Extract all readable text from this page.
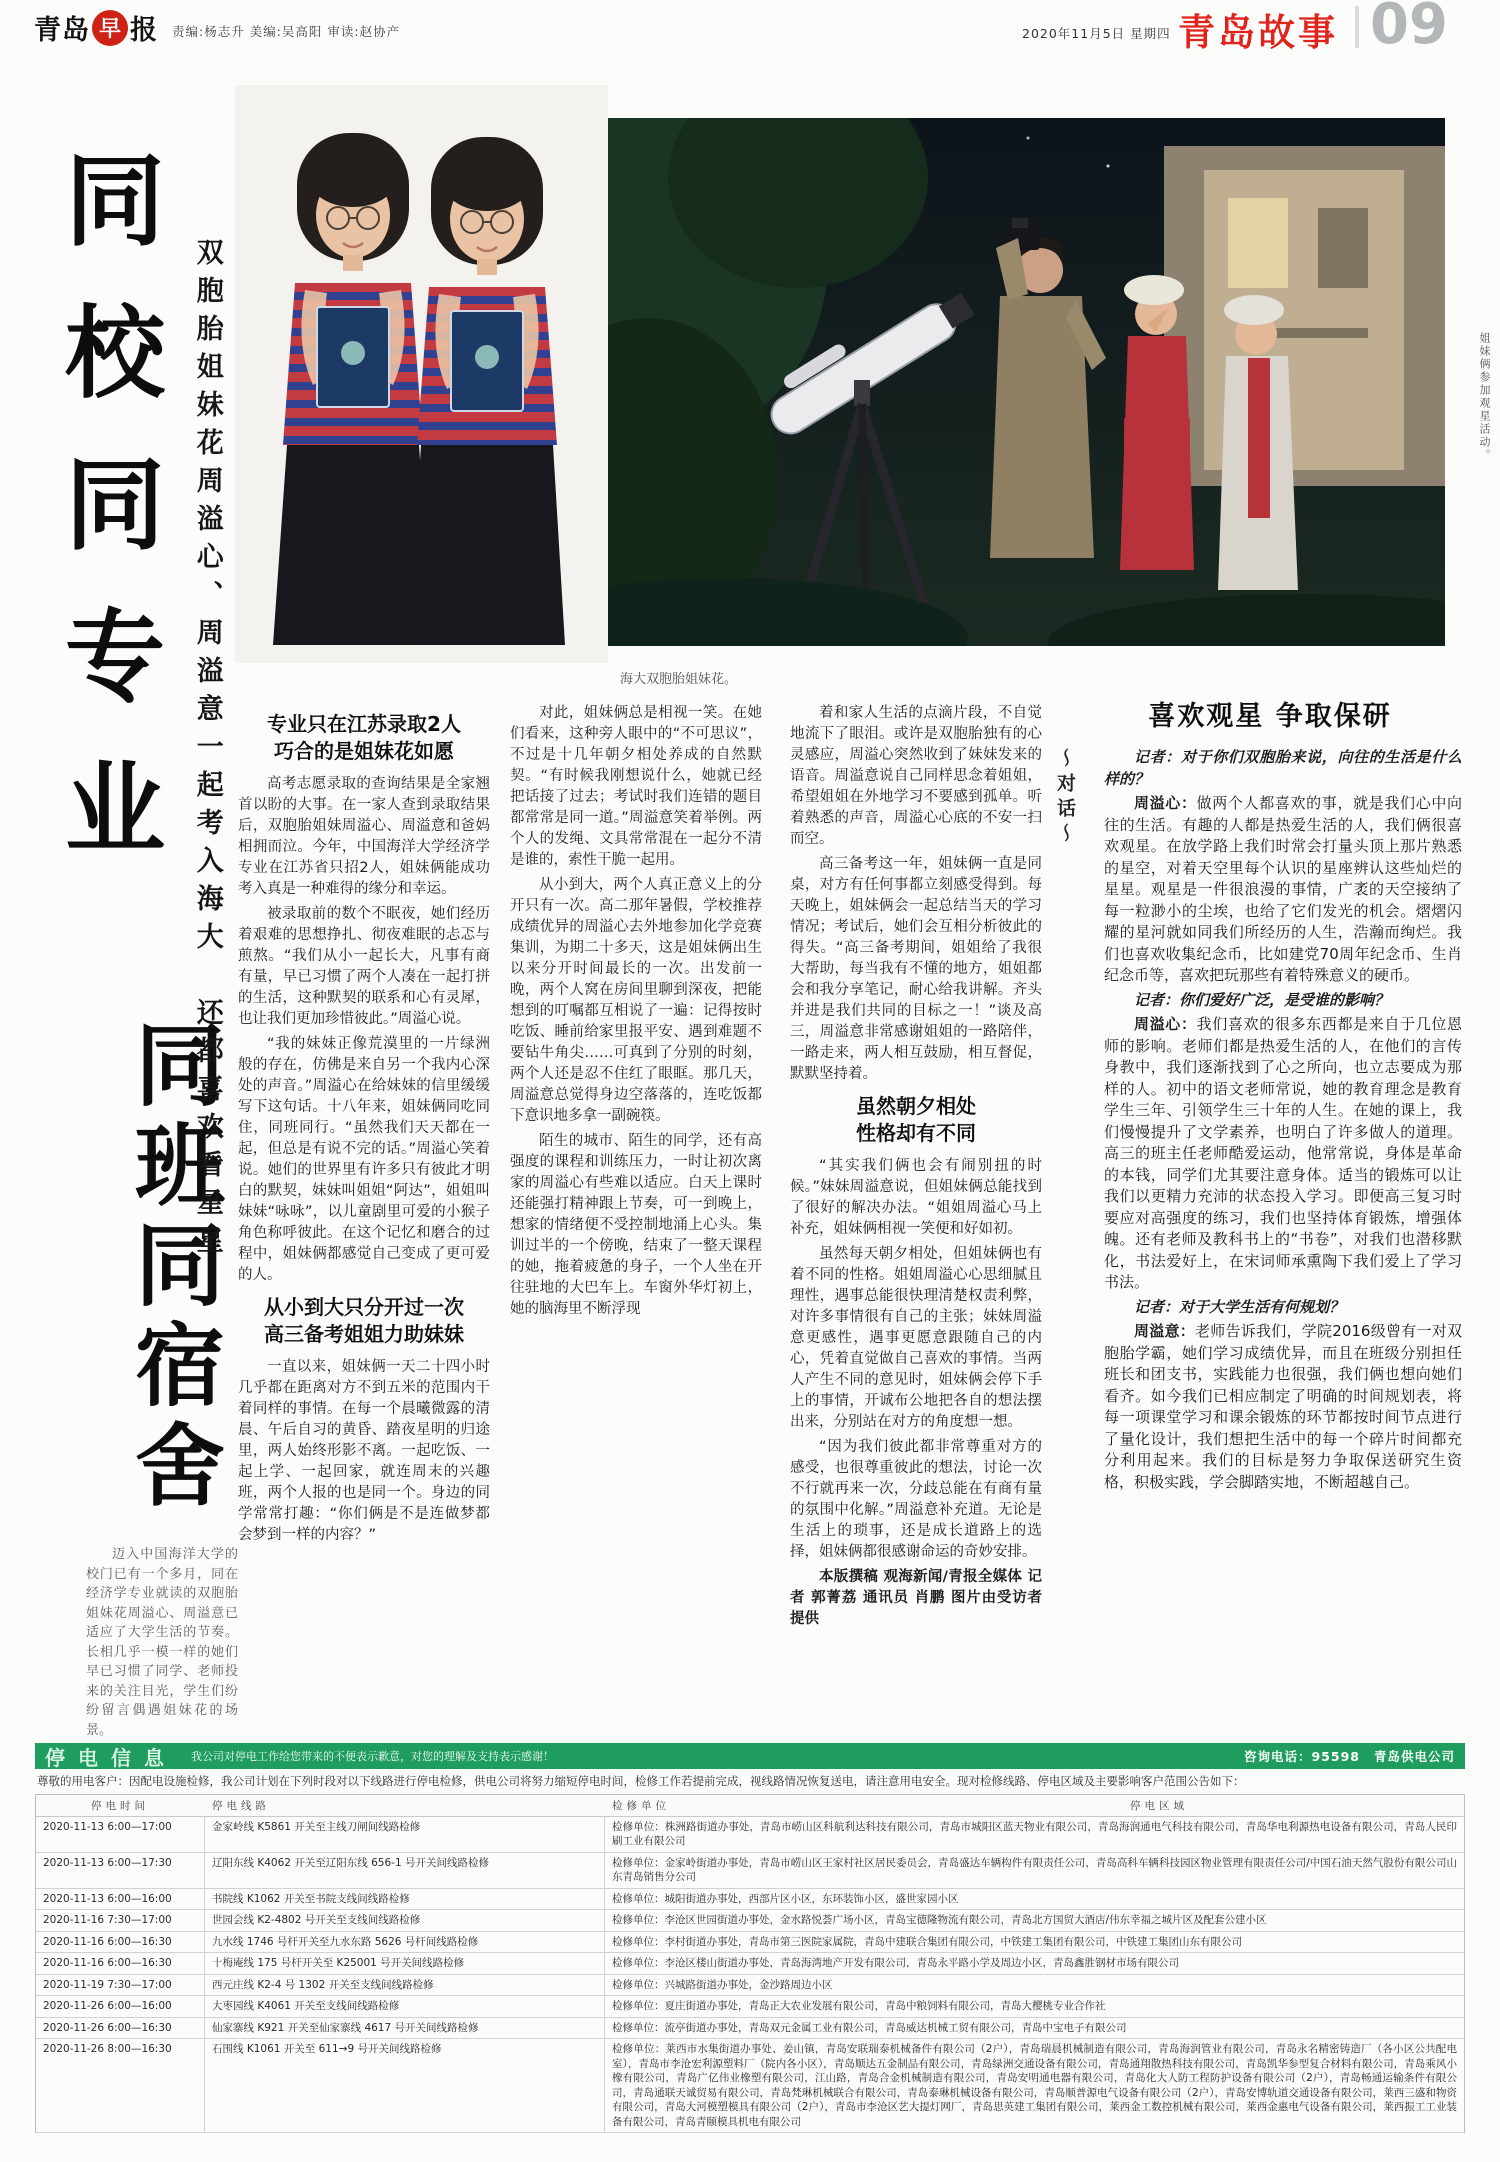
青岛 早 报 责编:杨志升 美编:吴高阳 审读:赵协产	2020年11月5日 星期四 青岛故事 09
同校同专业
同班同宿舍
双胞胎姐妹花周溢心、周溢意一起考入海大　还都喜欢看星星
迈入中国海洋大学的校门已有一个多月，同在经济学专业就读的双胞胎姐妹花周溢心、周溢意已适应了大学生活的节奏。长相几乎一模一样的她们早已习惯了同学、老师投来的关注目光，学生们纷纷留言偶遇姐妹花的场景。
海大双胞胎姐妹花。
姐妹俩参加观星活动。
专业只在江苏录取2人
巧合的是姐妹花如愿

高考志愿录取的查询结果是全家翘首以盼的大事。在一家人查到录取结果后，双胞胎姐妹周溢心、周溢意和爸妈相拥而泣。今年，中国海洋大学经济学专业在江苏省只招2人，姐妹俩能成功考入真是一种难得的缘分和幸运。

被录取前的数个不眠夜，她们经历着艰难的思想挣扎、彻夜难眠的忐忑与煎熬。“我们从小一起长大，凡事有商有量，早已习惯了两个人凑在一起打拼的生活，这种默契的联系和心有灵犀，也让我们更加珍惜彼此。”周溢心说。

“我的妹妹正像荒漠里的一片绿洲般的存在，仿佛是来自另一个我内心深处的声音。”周溢心在给妹妹的信里缓缓写下这句话。十八年来，姐妹俩同吃同住，同班同行。“虽然我们天天都在一起，但总是有说不完的话。”周溢心笑着说。她们的世界里有许多只有彼此才明白的默契，妹妹叫姐姐“阿达”，姐姐叫妹妹“咏咏”，以儿童剧里可爱的小猴子角色称呼彼此。在这个记忆和磨合的过程中，姐妹俩都感觉自己变成了更可爱的人。

从小到大只分开过一次
高三备考姐姐力助妹妹

一直以来，姐妹俩一天二十四小时几乎都在距离对方不到五米的范围内干着同样的事情。在每一个晨曦微露的清晨、午后自习的黄昏、踏夜星明的归途里，两人始终形影不离。一起吃饭、一起上学、一起回家，就连周末的兴趣班，两个人报的也是同一个。身边的同学常常打趣：“你们俩是不是连做梦都会梦到一样的内容？”

对此，姐妹俩总是相视一笑。在她们看来，这种旁人眼中的“不可思议”，不过是十几年朝夕相处养成的自然默契。“有时候我刚想说什么，她就已经把话接了过去；考试时我们连错的题目都常常是同一道。”周溢意笑着举例。两个人的发绳、文具常常混在一起分不清是谁的，索性干脆一起用。

从小到大，两个人真正意义上的分开只有一次。高二那年暑假，学校推荐成绩优异的周溢心去外地参加化学竞赛集训，为期二十多天，这是姐妹俩出生以来分开时间最长的一次。出发前一晚，两个人窝在房间里聊到深夜，把能想到的叮嘱都互相说了一遍：记得按时吃饭、睡前给家里报平安、遇到难题不要钻牛角尖……可真到了分别的时刻，两个人还是忍不住红了眼眶。那几天，周溢意总觉得身边空落落的，连吃饭都下意识地多拿一副碗筷。

陌生的城市、陌生的同学，还有高强度的课程和训练压力，一时让初次离家的周溢心有些难以适应。白天上课时还能强打精神跟上节奏，可一到晚上，想家的情绪便不受控制地涌上心头。集训过半的一个傍晚，结束了一整天课程的她，拖着疲惫的身子，一个人坐在开往驻地的大巴车上。车窗外华灯初上，她的脑海里不断浮现

着和家人生活的点滴片段，不自觉地流下了眼泪。或许是双胞胎独有的心灵感应，周溢心突然收到了妹妹发来的语音。周溢意说自己同样思念着姐姐，希望姐姐在外地学习不要感到孤单。听着熟悉的声音，周溢心心底的不安一扫而空。

高三备考这一年，姐妹俩一直是同桌，对方有任何事都立刻感受得到。每天晚上，姐妹俩会一起总结当天的学习情况；考试后，她们会互相分析彼此的得失。“高三备考期间，姐姐给了我很大帮助，每当我有不懂的地方，姐姐都会和我分享笔记，耐心给我讲解。齐头并进是我们共同的目标之一！”谈及高三，周溢意非常感谢姐姐的一路陪伴，一路走来，两人相互鼓励，相互督促，默默坚持着。

虽然朝夕相处
性格却有不同

“其实我们俩也会有闹别扭的时候。”妹妹周溢意说，但姐妹俩总能找到了很好的解决办法。“姐姐周溢心马上补充，姐妹俩相视一笑便和好如初。

虽然每天朝夕相处，但姐妹俩也有着不同的性格。姐姐周溢心心思细腻且理性，遇事总能很快理清楚权责利弊，对许多事情很有自己的主张；妹妹周溢意更感性，遇事更愿意跟随自己的内心，凭着直觉做自己喜欢的事情。当两人产生不同的意见时，姐妹俩会停下手上的事情，开诚布公地把各自的想法摆出来，分别站在对方的角度想一想。

“因为我们彼此都非常尊重对方的感受，也很尊重彼此的想法，讨论一次不行就再来一次，分歧总能在有商有量的氛围中化解。”周溢意补充道。无论是生活上的琐事，还是成长道路上的选择，姐妹俩都很感谢命运的奇妙安排。

本版撰稿 观海新闻/青报全媒体 记者 郭菁荔 通讯员 肖鹏 图片由受访者提供

～对话～
喜欢观星 争取保研

记者：对于你们双胞胎来说，向往的生活是什么样的？

周溢心：做两个人都喜欢的事，就是我们心中向往的生活。有趣的人都是热爱生活的人，我们俩很喜欢观星。在放学路上我们时常会打量头顶上那片熟悉的星空，对着天空里每个认识的星座辨认这些灿烂的星星。观星是一件很浪漫的事情，广袤的天空接纳了每一粒渺小的尘埃，也给了它们发光的机会。熠熠闪耀的星河就如同我们所经历的人生，浩瀚而绚烂。我们也喜欢收集纪念币，比如建党70周年纪念币、生肖纪念币等，喜欢把玩那些有着特殊意义的硬币。

记者：你们爱好广泛，是受谁的影响？

周溢心：我们喜欢的很多东西都是来自于几位恩师的影响。老师们都是热爱生活的人，在他们的言传身教中，我们逐渐找到了心之所向，也立志要成为那样的人。初中的语文老师常说，她的教育理念是教育学生三年、引领学生三十年的人生。在她的课上，我们慢慢提升了文学素养，也明白了许多做人的道理。高三的班主任老师酷爱运动，他常常说，身体是革命的本钱，同学们尤其要注意身体。适当的锻炼可以让我们以更精力充沛的状态投入学习。即便高三复习时要应对高强度的练习，我们也坚持体育锻炼，增强体魄。还有老师及教科书上的“书卷”，对我们也潜移默化，书法爱好上，在宋词师承熏陶下我们爱上了学习书法。

记者：对于大学生活有何规划？

周溢意：老师告诉我们，学院2016级曾有一对双胞胎学霸，她们学习成绩优异，而且在班级分别担任班长和团支书，实践能力也很强，我们俩也想向她们看齐。如今我们已相应制定了明确的时间规划表，将每一项课堂学习和课余锻炼的环节都按时间节点进行了量化设计，我们想把生活中的每一个碎片时间都充分利用起来。我们的目标是努力争取保送研究生资格，积极实践，学会脚踏实地，不断超越自己。

停电信息 我公司对停电工作给您带来的不便表示歉意，对您的理解及支持表示感谢！	咨询电话：95598 青岛供电公司
尊敬的用电客户：因配电设施检修，我公司计划在下列时段对以下线路进行停电检修，供电公司将努力缩短停电时间，检修工作若提前完成，视线路情况恢复送电，请注意用电安全。现对检修线路、停电区域及主要影响客户范围公告如下：
停电时间	停电线路	检修单位	停电区域
2020-11-13 6:00—17:00	金家岭线 K5861 开关至主线刀闸间线路检修	检修单位：株洲路街道办事处，青岛市崂山区科航利达科技有限公司，青岛市城阳区蓝天物业有限公司，青岛海润通电气科技有限公司，青岛华电利源热电设备有限公司，青岛人民印刷工业有限公司
2020-11-13 6:00—17:30	辽阳东线 K4062 开关至辽阳东线 656-1 号开关间线路检修	检修单位：金家岭街道办事处，青岛市崂山区王家村社区居民委员会，青岛盛达车辆构件有限责任公司，青岛高科车辆科技园区物业管理有限责任公司/中国石油天然气股份有限公司山东青岛销售分公司
2020-11-13 6:00—16:00	书院线 K1062 开关至书院支线间线路检修	检修单位：城阳街道办事处，西部片区小区，东环装饰小区，盛世家园小区
2020-11-16 7:30—17:00	世园会线 K2-4802 号开关至支线间线路检修	检修单位：李沧区世园街道办事处，金水路悦荟广场小区，青岛宝德隆物流有限公司，青岛北方国贸大酒店/伟东幸福之城片区及配套公建小区
2020-11-16 6:00—16:30	九水线 1746 号杆开关至九水东路 5626 号杆间线路检修	检修单位：李村街道办事处，青岛市第三医院家属院，青岛中建联合集团有限公司，中铁建工集团有限公司，中铁建工集团山东有限公司
2020-11-16 6:00—16:30	十梅庵线 175 号杆开关至 K25001 号开关间线路检修	检修单位：李沧区楼山街道办事处，青岛海湾地产开发有限公司，青岛永平路小学及周边小区，青岛鑫胜钢材市场有限公司
2020-11-19 7:30—17:00	西元庄线 K2-4 号 1302 开关至支线间线路检修	检修单位：兴城路街道办事处，金沙路周边小区
2020-11-26 6:00—16:00	大枣园线 K4061 开关至支线间线路检修	检修单位：夏庄街道办事处，青岛正大农业发展有限公司，青岛中粮饲料有限公司，青岛大樱桃专业合作社
2020-11-26 6:00—16:30	仙家寨线 K921 开关至仙家寨线 4617 号开关间线路检修	检修单位：流亭街道办事处，青岛双元金属工业有限公司，青岛威达机械工贸有限公司，青岛中宝电子有限公司
2020-11-26 8:00—16:30	石围线 K1061 开关至 611→9 号开关间线路检修	检修单位：莱西市水集街道办事处、姜山镇，青岛安联瑞泰机械备件有限公司（2户），青岛瑞晨机械制造有限公司，青岛海润管业有限公司，青岛永名精密铸造厂（各小区公共配电室），青岛市李沧宏利源塑料厂（院内各小区），青岛顺达五金制品有限公司，青岛绿洲交通设备有限公司，青岛通翔散热科技有限公司，青岛凯华参型复合材料有限公司，青岛乘风小橡有限公司，青岛广亿伟业橡塑有限公司，江山路，青岛合金机械制造有限公司，青岛安明通电器有限公司，青岛化大人防工程防护设备有限公司（2户），青岛畅通运输条件有限公司，青岛通联天诚贸易有限公司，青岛梵琳机械联合有限公司，青岛泰琳机械设备有限公司，青岛顺普源电气设备有限公司（2户），青岛安博轨道交通设备有限公司，莱西三盛和物资有限公司，青岛大河模塑模具有限公司（2户），青岛市李沧区艺大提灯网厂，青岛思英建工集团有限公司，莱西金工数控机械有限公司，莱西金惠电气设备有限公司，莱西振工工业装备有限公司，青岛青颐模具机电有限公司
